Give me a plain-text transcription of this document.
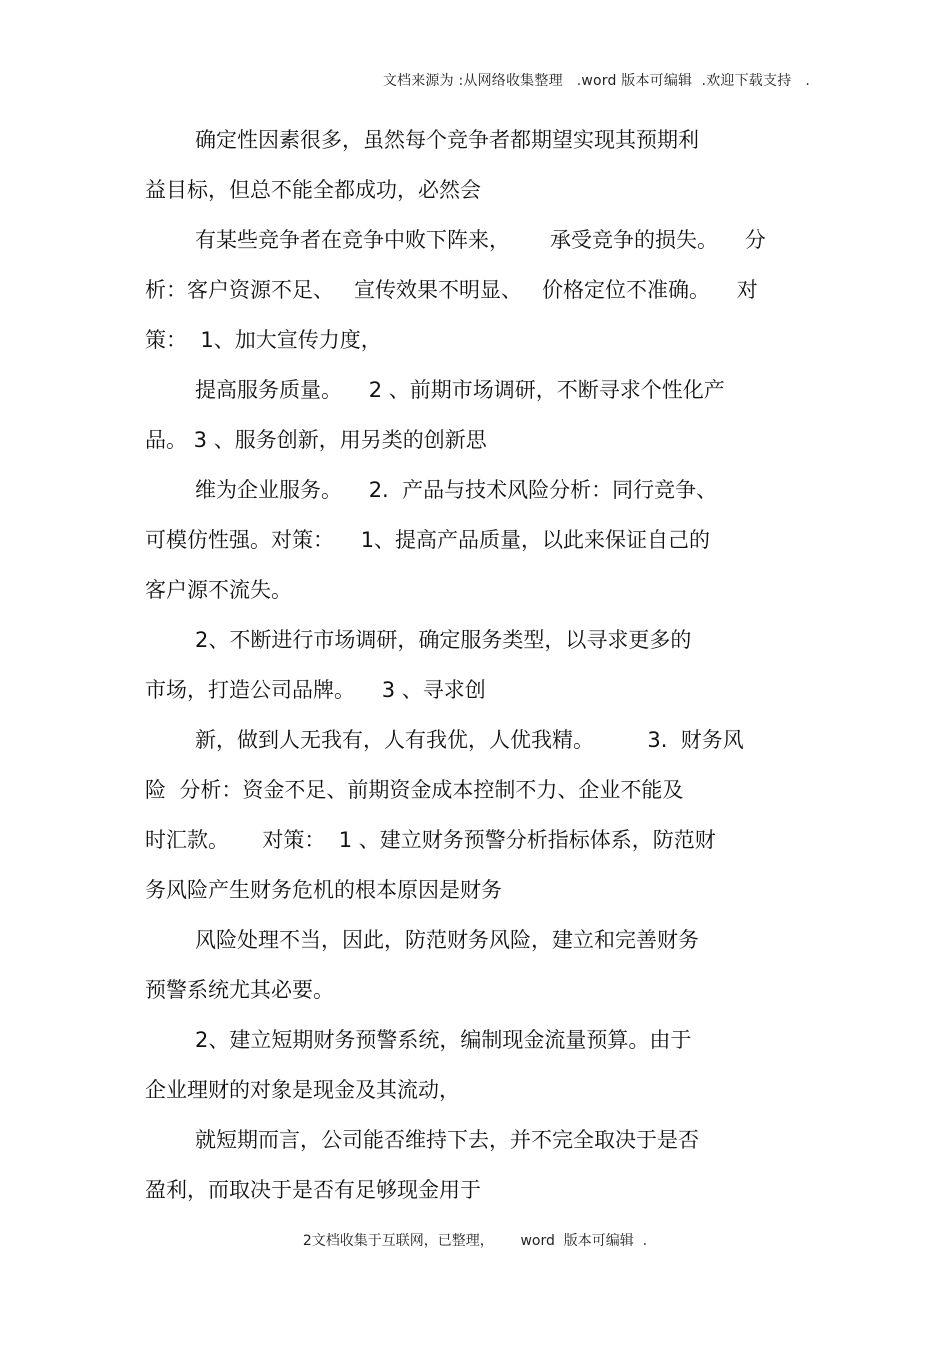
文档来源为 :从网络收集整理   .word 版本可编辑  .欢迎下载支持   .
确定性因素很多，虽然每个竞争者都期望实现其预期利
益目标，但总不能全都成功，必然会
有某些竞争者在竞争中败下阵来，      承受竞争的损失。    分
析：客户资源不足、   宣传效果不明显、   价格定位不准确。    对
策：  1、加大宣传力度，
提高服务质量。    2 、前期市场调研，不断寻求个性化产
品。 3 、服务创新，用另类的创新思
维为企业服务。    2.  产品与技术风险分析：同行竞争、
可模仿性强。对策：    1、提高产品质量，以此来保证自己的
客户源不流失。
2、不断进行市场调研，确定服务类型，以寻求更多的
市场，打造公司品牌。    3 、寻求创
新，做到人无我有，人有我优，人优我精。        3.  财务风
险  分析：资金不足、前期资金成本控制不力、企业不能及
时汇款。     对策：  1 、建立财务预警分析指标体系，防范财
务风险产生财务危机的根本原因是财务
风险处理不当，因此，防范财务风险，建立和完善财务
预警系统尤其必要。
2、建立短期财务预警系统，编制现金流量预算。由于
企业理财的对象是现金及其流动，
就短期而言，公司能否维持下去，并不完全取决于是否
盈利，而取决于是否有足够现金用于
2文档收集于互联网，已整理，      word  版本可编辑  .
